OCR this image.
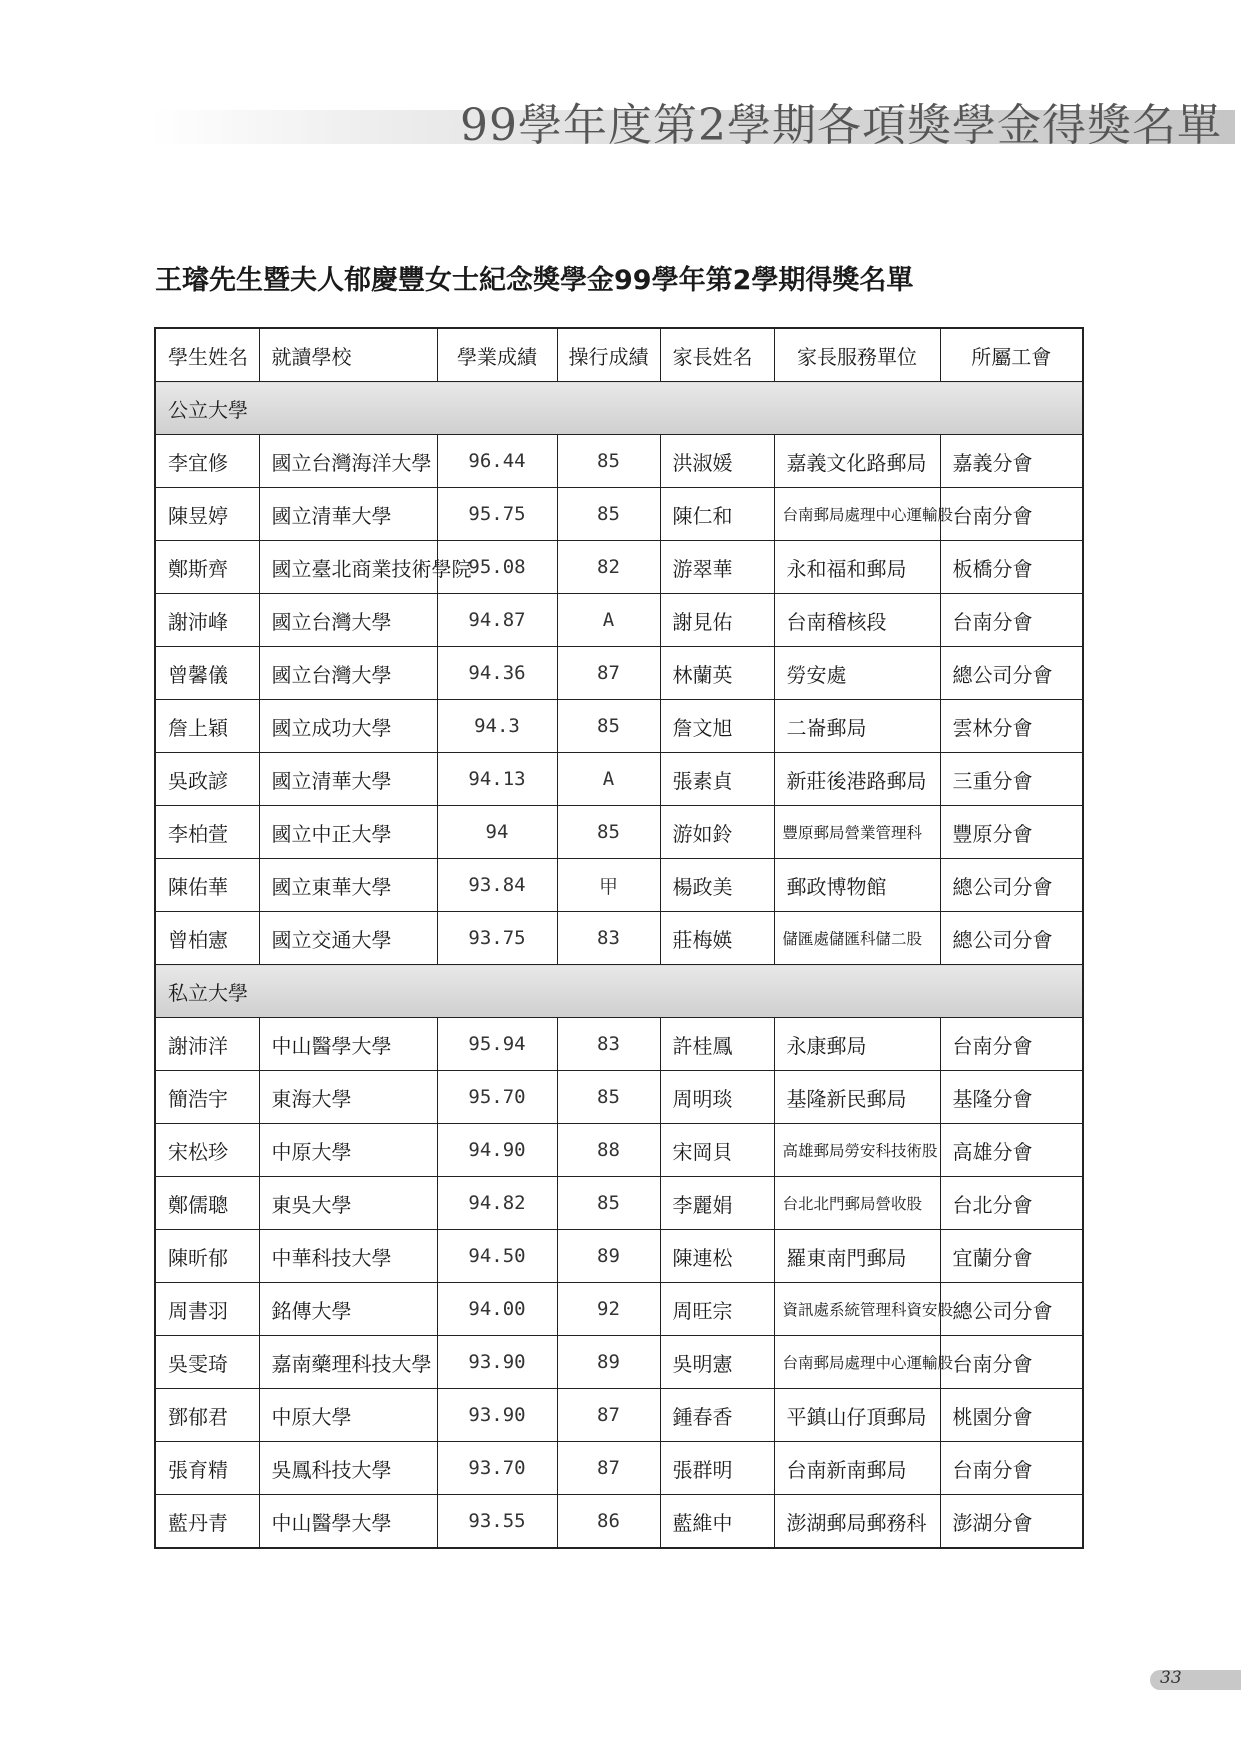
99學年度第2學期各項獎學金得獎名單
王璿先生暨夫人郁慶豐女士紀念獎學金99學年第2學期得獎名單
學生姓名	就讀學校	學業成績	操行成績	家長姓名	家長服務單位	所屬工會
公立大學						
李宜修	國立台灣海洋大學	96.44	85	洪淑媛	嘉義文化路郵局	嘉義分會
陳昱婷	國立清華大學	95.75	85	陳仁和	台南郵局處理中心運輸股	台南分會
鄭斯齊	國立臺北商業技術學院	95.08	82	游翠華	永和福和郵局	板橋分會
謝沛峰	國立台灣大學	94.87	A	謝見佑	台南稽核段	台南分會
曾馨儀	國立台灣大學	94.36	87	林蘭英	勞安處	總公司分會
詹上穎	國立成功大學	94.3	85	詹文旭	二崙郵局	雲林分會
吳政諺	國立清華大學	94.13	A	張素貞	新莊後港路郵局	三重分會
李柏萱	國立中正大學	94	85	游如鈴	豐原郵局營業管理科	豐原分會
陳佑華	國立東華大學	93.84	甲	楊政美	郵政博物館	總公司分會
曾柏憲	國立交通大學	93.75	83	莊梅媖	儲匯處儲匯科儲二股	總公司分會
私立大學						
謝沛洋	中山醫學大學	95.94	83	許桂鳳	永康郵局	台南分會
簡浩宇	東海大學	95.70	85	周明琰	基隆新民郵局	基隆分會
宋松珍	中原大學	94.90	88	宋岡貝	高雄郵局勞安科技術股	高雄分會
鄭儒聰	東吳大學	94.82	85	李麗娟	台北北門郵局營收股	台北分會
陳昕郁	中華科技大學	94.50	89	陳連松	羅東南門郵局	宜蘭分會
周書羽	銘傳大學	94.00	92	周旺宗	資訊處系統管理科資安股	總公司分會
吳雯琦	嘉南藥理科技大學	93.90	89	吳明憲	台南郵局處理中心運輸股	台南分會
鄧郁君	中原大學	93.90	87	鍾春香	平鎮山仔頂郵局	桃園分會
張育精	吳鳳科技大學	93.70	87	張群明	台南新南郵局	台南分會
藍丹青	中山醫學大學	93.55	86	藍維中	澎湖郵局郵務科	澎湖分會
33
